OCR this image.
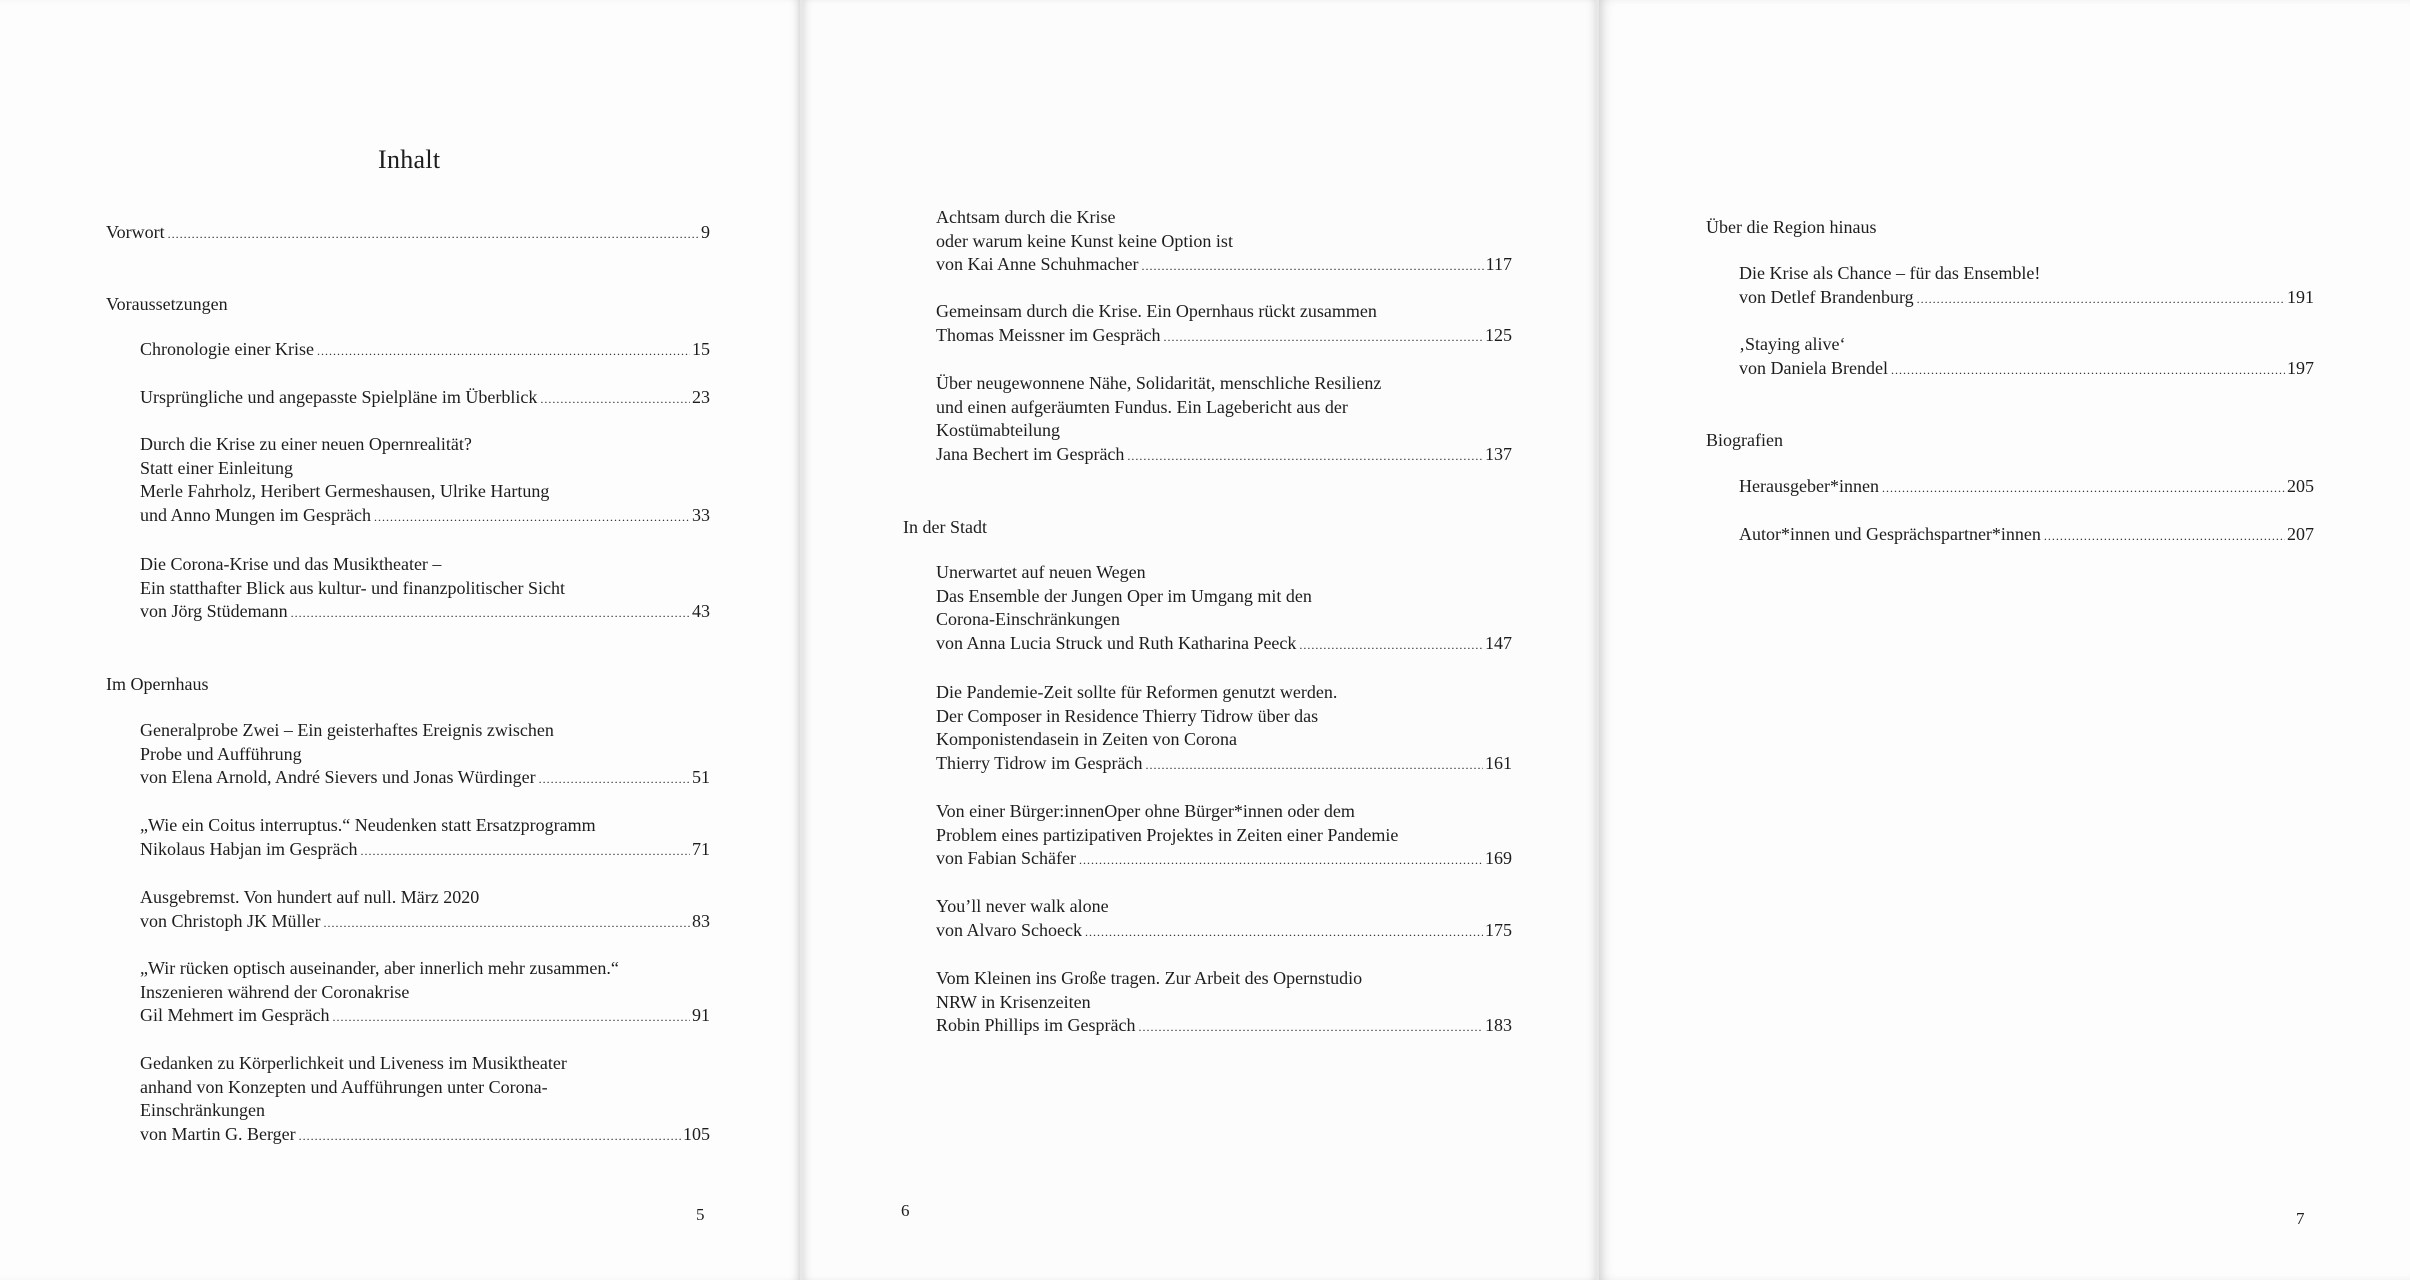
Inhalt
Vorwort .....	9
Voraussetzungen
Chronologie einer Krise .....	15
Ursprüngliche und angepasste Spielpläne im Überblick .....	23
Durch die Krise zu einer neuen Opernrealität?
Statt einer Einleitung
Merle Fahrholz, Heribert Germeshausen, Ulrike Hartung
und Anno Mungen im Gespräch .....	33
Die Corona-Krise und das Musiktheater –
Ein statthafter Blick aus kultur- und finanzpolitischer Sicht
von Jörg Stüdemann .....	43
Im Opernhaus
Generalprobe Zwei – Ein geisterhaftes Ereignis zwischen
Probe und Aufführung
von Elena Arnold, André Sievers und Jonas Würdinger .....	51
„Wie ein Coitus interruptus.“ Neudenken statt Ersatzprogramm
Nikolaus Habjan im Gespräch .....	71
Ausgebremst. Von hundert auf null. März 2020
von Christoph JK Müller .....	83
„Wir rücken optisch auseinander, aber innerlich mehr zusammen.“
Inszenieren während der Coronakrise
Gil Mehmert im Gespräch .....	91
Gedanken zu Körperlichkeit und Liveness im Musiktheater
anhand von Konzepten und Aufführungen unter Corona-
Einschränkungen
von Martin G. Berger .....	105
5
Achtsam durch die Krise
oder warum keine Kunst keine Option ist
von Kai Anne Schuhmacher .....	117
Gemeinsam durch die Krise. Ein Opernhaus rückt zusammen
Thomas Meissner im Gespräch .....	125
Über neugewonnene Nähe, Solidarität, menschliche Resilienz
und einen aufgeräumten Fundus. Ein Lagebericht aus der
Kostümabteilung
Jana Bechert im Gespräch .....	137
In der Stadt
Unerwartet auf neuen Wegen
Das Ensemble der Jungen Oper im Umgang mit den
Corona-Einschränkungen
von Anna Lucia Struck und Ruth Katharina Peeck .....	147
Die Pandemie-Zeit sollte für Reformen genutzt werden.
Der Composer in Residence Thierry Tidrow über das
Komponistendasein in Zeiten von Corona
Thierry Tidrow im Gespräch .....	161
Von einer Bürger:innenOper ohne Bürger*innen oder dem
Problem eines partizipativen Projektes in Zeiten einer Pandemie
von Fabian Schäfer .....	169
You’ll never walk alone
von Alvaro Schoeck .....	175
Vom Kleinen ins Große tragen. Zur Arbeit des Opernstudio
NRW in Krisenzeiten
Robin Phillips im Gespräch .....	183
6
Über die Region hinaus
Die Krise als Chance – für das Ensemble!
von Detlef Brandenburg .....	191
‚Staying alive‘
von Daniela Brendel .....	197
Biografien
Herausgeber*innen .....	205
Autor*innen und Gesprächspartner*innen .....	207
7
